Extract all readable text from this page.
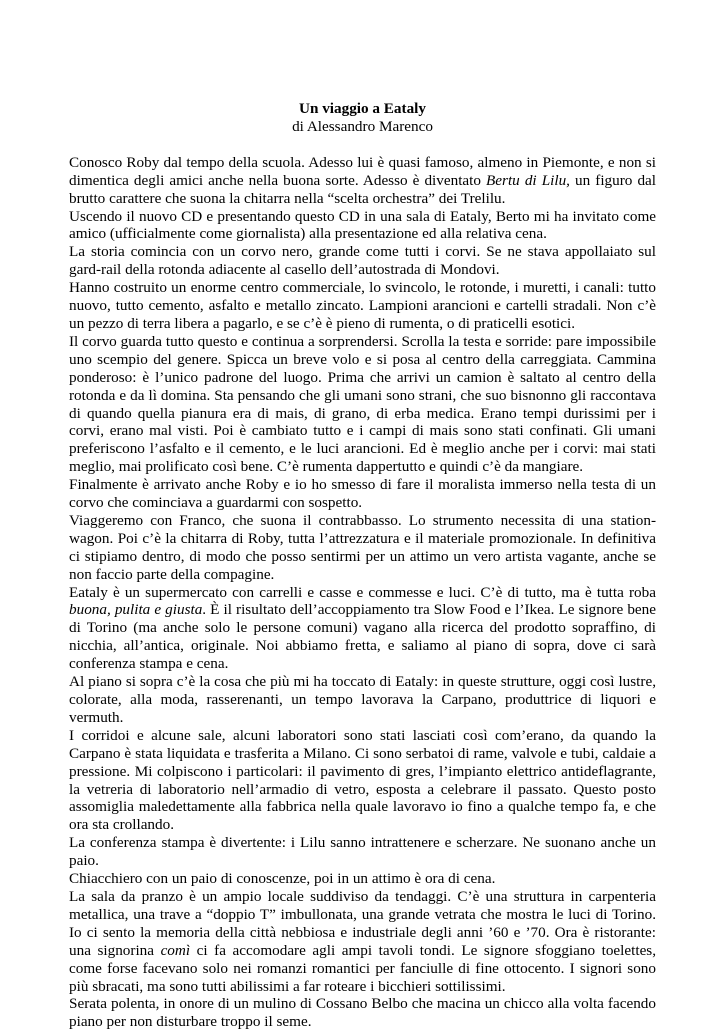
Un viaggio a Eataly

di Alessandro Marenco

Conosco Roby dal tempo della scuola. Adesso lui è quasi famoso, almeno in Piemonte, e non si dimentica degli amici anche nella buona sorte. Adesso è diventato Bertu di Lilu, un figuro dal brutto carattere che suona la chitarra nella “scelta orchestra” dei Trelilu.

Uscendo il nuovo CD e presentando questo CD in una sala di Eataly, Berto mi ha invitato come amico (ufficialmente come giornalista) alla presentazione ed alla relativa cena.

La storia comincia con un corvo nero, grande come tutti i corvi. Se ne stava appollaiato sul gard-rail della rotonda adiacente al casello dell’autostrada di Mondovi.

Hanno costruito un enorme centro commerciale, lo svincolo, le rotonde, i muretti, i canali: tutto nuovo, tutto cemento, asfalto e metallo zincato. Lampioni arancioni e cartelli stradali. Non c’è un pezzo di terra libera a pagarlo, e se c’è è pieno di rumenta, o di praticelli esotici.

Il corvo guarda tutto questo e continua a sorprendersi. Scrolla la testa e sorride: pare impossibile uno scempio del genere. Spicca un breve volo e si posa al centro della carreggiata. Cammina ponderoso: è l’unico padrone del luogo. Prima che arrivi un camion è saltato al centro della rotonda e da lì domina. Sta pensando che gli umani sono strani, che suo bisnonno gli raccontava di quando quella pianura era di mais, di grano, di erba medica. Erano tempi durissimi per i corvi, erano mal visti. Poi è cambiato tutto e i campi di mais sono stati confinati. Gli umani preferiscono l’asfalto e il cemento, e le luci arancioni. Ed è meglio anche per i corvi: mai stati meglio, mai prolificato così bene. C’è rumenta dappertutto e quindi c’è da mangiare.

Finalmente è arrivato anche Roby e io ho smesso di fare il moralista immerso nella testa di un corvo che cominciava a guardarmi con sospetto.

Viaggeremo con Franco, che suona il contrabbasso. Lo strumento necessita di una station-wagon. Poi c’è la chitarra di Roby, tutta l’attrezzatura e il materiale promozionale. In definitiva ci stipiamo dentro, di modo che posso sentirmi per un attimo un vero artista vagante, anche se non faccio parte della compagine.

Eataly è un supermercato con carrelli e casse e commesse e luci. C’è di tutto, ma è tutta roba buona, pulita e giusta. È il risultato dell’accoppiamento tra Slow Food e l’Ikea. Le signore bene di Torino (ma anche solo le persone comuni) vagano alla ricerca del prodotto sopraffino, di nicchia, all’antica, originale. Noi abbiamo fretta, e saliamo al piano di sopra, dove ci sarà conferenza stampa e cena.

Al piano si sopra c’è la cosa che più mi ha toccato di Eataly: in queste strutture, oggi così lustre, colorate, alla moda, rasserenanti, un tempo lavorava la Carpano, produttrice di liquori e vermuth.

I corridoi e alcune sale, alcuni laboratori sono stati lasciati così com’erano, da quando la Carpano è stata liquidata e trasferita a Milano. Ci sono serbatoi di rame, valvole e tubi, caldaie a pressione. Mi colpiscono i particolari: il pavimento di gres, l’impianto elettrico antideflagrante, la vetreria di laboratorio nell’armadio di vetro, esposta a celebrare il passato. Questo posto assomiglia maledettamente alla fabbrica nella quale lavoravo io fino a qualche tempo fa, e che ora sta crollando.

La conferenza stampa è divertente: i Lilu sanno intrattenere e scherzare. Ne suonano anche un paio.

Chiacchiero con un paio di conoscenze, poi in un attimo è ora di cena.

La sala da pranzo è un ampio locale suddiviso da tendaggi. C’è una struttura in carpenteria metallica, una trave a “doppio T” imbullonata, una grande vetrata che mostra le luci di Torino. Io ci sento la memoria della città nebbiosa e industriale degli anni ’60 e ’70. Ora è ristorante: una signorina comì ci fa accomodare agli ampi tavoli tondi. Le signore sfoggiano toelettes, come forse facevano solo nei romanzi romantici per fanciulle di fine ottocento. I signori sono più sbracati, ma sono tutti abilissimi a far roteare i bicchieri sottilissimi.

Serata polenta, in onore di un mulino di Cossano Belbo che macina un chicco alla volta facendo piano per non disturbare troppo il seme.
